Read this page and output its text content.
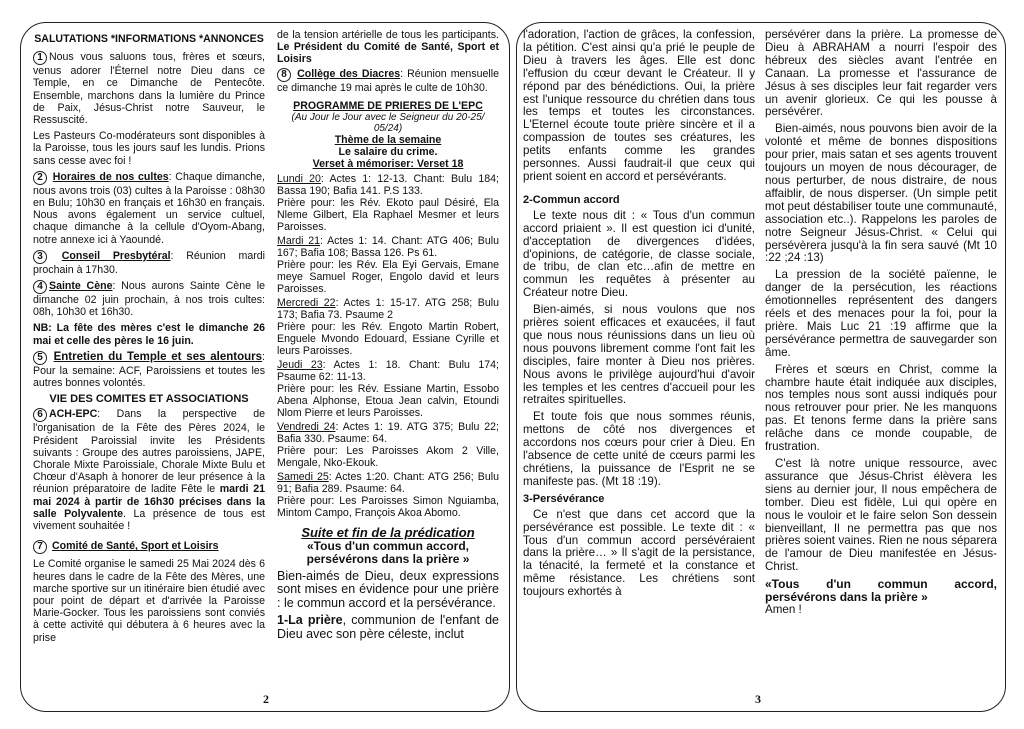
SALUTATIONS *INFORMATIONS *ANNONCES

1 Nous vous saluons tous, frères et sœurs, venus adorer l'Éternel notre Dieu dans ce Temple, en ce Dimanche de Pentecôte. Ensemble, marchons dans la lumière du Prince de Paix, Jésus-Christ notre Sauveur, le Ressuscité.

Les Pasteurs Co-modérateurs sont disponibles à la Paroisse, tous les jours sauf les lundis. Prions sans cesse avec foi !

2 Horaires de nos cultes: Chaque dimanche, nous avons trois (03) cultes à la Paroisse : 08h30 en Bulu; 10h30 en français et 16h30 en français. Nous avons également un service cultuel, chaque dimanche à la cellule d'Oyom-Abang, notre annexe ici à Yaoundé.

3 Conseil Presbytéral: Réunion mardi prochain à 17h30.

4 Sainte Cène: Nous aurons Sainte Cène le dimanche 02 juin prochain, à nos trois cultes: 08h, 10h30 et 16h30.

NB: La fête des mères c'est le dimanche 26 mai et celle des pères le 16 juin.

5 Entretien du Temple et ses alentours: Pour la semaine: ACF, Paroissiens et toutes les autres bonnes volontés.

VIE DES COMITES ET ASSOCIATIONS

6 ACH-EPC: Dans la perspective de l'organisation de la Fête des Pères 2024, le Président Paroissial invite les Présidents suivants : Groupe des autres paroissiens, JAPE, Chorale Mixte Paroissiale, Chorale Mixte Bulu et Chœur d'Asaph à honorer de leur présence à la réunion préparatoire de ladite Fête le mardi 21 mai 2024 à partir de 16h30 précises dans la salle Polyvalente. La présence de tous est vivement souhaitée !

7 Comité de Santé, Sport et Loisirs

Le Comité organise le samedi 25 Mai 2024 dès 6 heures dans le cadre de la Fête des Mères, une marche sportive sur un itinéraire bien étudié avec pour point de départ et d'arrivée la Paroisse Marie-Gocker. Tous les paroissiens sont conviés à cette activité qui débutera à 6 heures avec la prise

de la tension artérielle de tous les participants. Le Président du Comité de Santé, Sport et Loisirs

8 Collège des Diacres: Réunion mensuelle ce dimanche 19 mai après le culte de 10h30.

PROGRAMME DE PRIERES DE L'EPC
(Au Jour le Jour avec le Seigneur du 20-25/ 05/24)
Thème de la semaine
Le salaire du crime.
Verset à mémoriser: Verset 18

Lundi 20: Actes 1: 12-13. Chant: Bulu 184; Bassa 190; Bafia 141. P.S 133.

Prière pour: les Rév. Ekoto paul Désiré, Ela Nleme Gilbert, Ela Raphael Mesmer et leurs Paroisses.

Mardi 21: Actes 1: 14. Chant: ATG 406; Bulu 167; Bafia 108; Bassa 126. Ps 61.

Prière pour: les Rév. Ela Eyi Gervais, Emane meye Samuel Roger, Engolo david et leurs Paroisses.

Mercredi 22: Actes 1: 15-17. ATG 258; Bulu 173; Bafia 73. Psaume 2

Prière pour: les Rév. Engoto Martin Robert, Enguele Mvondo Edouard, Essiane Cyrille et leurs Paroisses.

Jeudi 23: Actes 1: 18. Chant: Bulu 174; Psaume 62: 11-13.

Prière pour: les Rév. Essiane Martin, Essobo Abena Alphonse, Etoua Jean calvin, Etoundi Nlom Pierre et leurs Paroisses.

Vendredi 24: Actes 1: 19. ATG 375; Bulu 22; Bafia 330. Psaume: 64.

Prière pour: Les Paroisses Akom 2 Ville, Mengale, Nko-Ekouk.

Samedi 25: Actes 1:20. Chant: ATG 256; Bulu 91; Bafia 289. Psaume: 64.

Prière pour: Les Paroisses Simon Nguiamba, Mintom Campo, François Akoa Abomo.

Suite et fin de la prédication

«Tous d'un commun accord, persévérons dans la prière »

Bien-aimés de Dieu, deux expressions sont mises en évidence pour une prière : le commun accord et la persévérance.

1-La prière, communion de l'enfant de Dieu avec son père céleste, inclut

2

l'adoration, l'action de grâces, la confession, la pétition. C'est ainsi qu'a prié le peuple de Dieu à travers les âges. Elle est donc l'effusion du cœur devant le Créateur. Il y répond par des bénédictions. Oui, la prière est l'unique ressource du chrétien dans tous les temps et toutes les circonstances. L'Eternel écoute toute prière sincère et il a compassion de toutes ses créatures, les petits enfants comme les grandes personnes. Aussi faudrait-il que ceux qui prient soient en accord et persévérants.

2-Commun accord

Le texte nous dit : « Tous d'un commun accord priaient ». Il est question ici d'unité, d'acceptation de divergences d'idées, d'opinions, de catégorie, de classe sociale, de tribu, de clan etc…afin de mettre en commun les requêtes à présenter au Créateur notre Dieu.

Bien-aimés, si nous voulons que nos prières soient efficaces et exaucées, il faut que nous nous réunissions dans un lieu où nous pouvons librement comme l'ont fait les disciples, faire monter à Dieu nos prières. Nous avons le privilège aujourd'hui d'avoir les temples et les centres d'accueil pour les retraites spirituelles.

Et toute fois que nous sommes réunis, mettons de côté nos divergences et accordons nos cœurs pour crier à Dieu. En l'absence de cette unité de cœurs parmi les chrétiens, la puissance de l'Esprit ne se manifeste pas. (Mt 18 :19).

3-Persévérance

Ce n'est que dans cet accord que la persévérance est possible. Le texte dit : « Tous d'un commun accord persévéraient dans la prière… » Il s'agit de la persistance, la ténacité, la fermeté et la constance et même résistance. Les chrétiens sont toujours exhortés à

persévérer dans la prière. La promesse de Dieu à ABRAHAM a nourri l'espoir des hébreux des siècles avant l'entrée en Canaan. La promesse et l'assurance de Jésus à ses disciples leur fait regarder vers un avenir glorieux. Ce qui les pousse à persévérer.

Bien-aimés, nous pouvons bien avoir de la volonté et même de bonnes dispositions pour prier, mais satan et ses agents trouvent toujours un moyen de nous décourager, de nous perturber, de nous distraire, de nous affaiblir, de nous disperser. (Un simple petit mot peut déstabiliser toute une communauté, association etc..). Rappelons les paroles de notre Seigneur Jésus-Christ. « Celui qui persévèrera jusqu'à la fin sera sauvé (Mt 10 :22 ;24 :13)

La pression de la société païenne, le danger de la persécution, les réactions émotionnelles représentent des dangers réels et des menaces pour la foi, pour la prière. Mais Luc 21 :19 affirme que la persévérance permettra de sauvegarder son âme.

Frères et sœurs en Christ, comme la chambre haute était indiquée aux disciples, nos temples nous sont aussi indiqués pour nous retrouver pour prier. Ne les manquons pas. Et tenons ferme dans la prière sans relâche dans ce monde coupable, de frustration.

C'est là notre unique ressource, avec assurance que Jésus-Christ élèvera les siens au dernier jour, Il nous empêchera de tomber. Dieu est fidèle, Lui qui opère en nous le vouloir et le faire selon Son dessein bienveillant, Il ne permettra pas que nos prières soient vaines. Rien ne nous séparera de l'amour de Dieu manifestée en Jésus-Christ.

«Tous d'un commun accord, persévérons dans la prière »

Amen !

3
